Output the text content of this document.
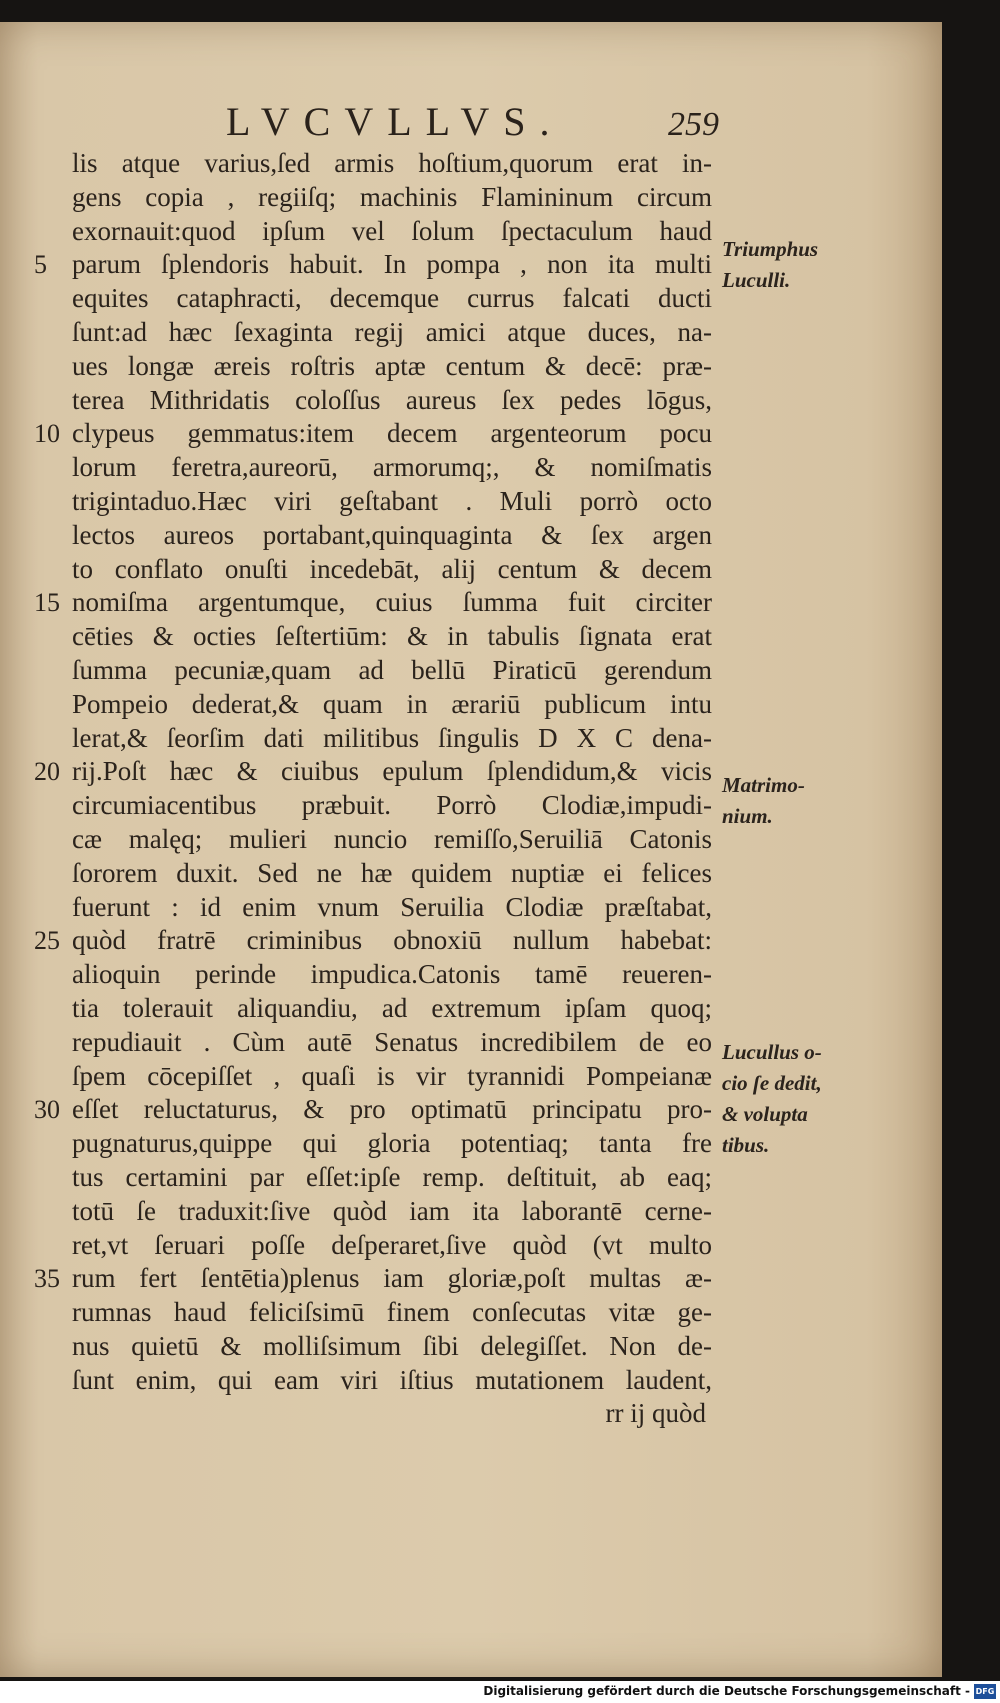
LVCVLLVS.	259
5
10
15
20
25
30
35
lis atque varius,ſed armis hoſtium,quorum erat in-
gens copia , regiiſq; machinis Flamininum circum
exornauit:quod ipſum vel ſolum ſpectaculum haud
parum ſplendoris habuit. In pompa , non ita multi
equites cataphracti, decemque currus falcati ducti
ſunt:ad hæc ſexaginta regij amici atque duces, na-
ues longæ æreis roſtris aptæ centum & decē: præ-
terea Mithridatis coloſſus aureus ſex pedes lōgus,
clypeus gemmatus:item decem argenteorum pocu
lorum feretra,aureorū, armorumq;, & nomiſmatis
trigintaduo.Hæc viri geſtabant . Muli porrò octo
lectos aureos portabant,quinquaginta & ſex argen
to conflato onuſti incedebāt, alij centum & decem
nomiſma argentumque, cuius ſumma fuit circiter
cēties & octies ſeſtertiūm: & in tabulis ſignata erat
ſumma pecuniæ,quam ad bellū Piraticū gerendum
Pompeio dederat,& quam in ærariū publicum intu
lerat,& ſeorſim dati militibus ſingulis D X C dena-
rij.Poſt hæc & ciuibus epulum ſplendidum,& vicis
circumiacentibus præbuit. Porrò Clodiæ,impudi-
cæ malęq; mulieri nuncio remiſſo,Seruiliā Catonis
ſororem duxit. Sed ne hæ quidem nuptiæ ei felices
fuerunt : id enim vnum Seruilia Clodiæ præſtabat,
quòd fratrē criminibus obnoxiū nullum habebat:
alioquin perinde impudica.Catonis tamē reueren-
tia tolerauit aliquandiu, ad extremum ipſam quoq;
repudiauit . Cùm autē Senatus incredibilem de eo
ſpem cōcepiſſet , quaſi is vir tyrannidi Pompeianæ
eſſet reluctaturus, & pro optimatū principatu pro-
pugnaturus,quippe qui gloria potentiaq; tanta fre
tus certamini par eſſet:ipſe remp. deſtituit, ab eaq;
totū ſe traduxit:ſive quòd iam ita laborantē cerne-
ret,vt ſeruari poſſe deſperaret,ſive quòd (vt multo
rum fert ſentētia)plenus iam gloriæ,poſt multas æ-
rumnas haud feliciſsimū finem conſecutas vitæ ge-
nus quietū & molliſsimum ſibi delegiſſet. Non de-
ſunt enim, qui eam viri iſtius mutationem laudent,
rr ij quòd
Triumphus
Luculli.
Matrimo-
nium.
Lucullus o-
cio ſe dedit,
& volupta
tibus.
Digitalisierung gefördert durch die Deutsche Forschungsgemeinschaft - DFG
